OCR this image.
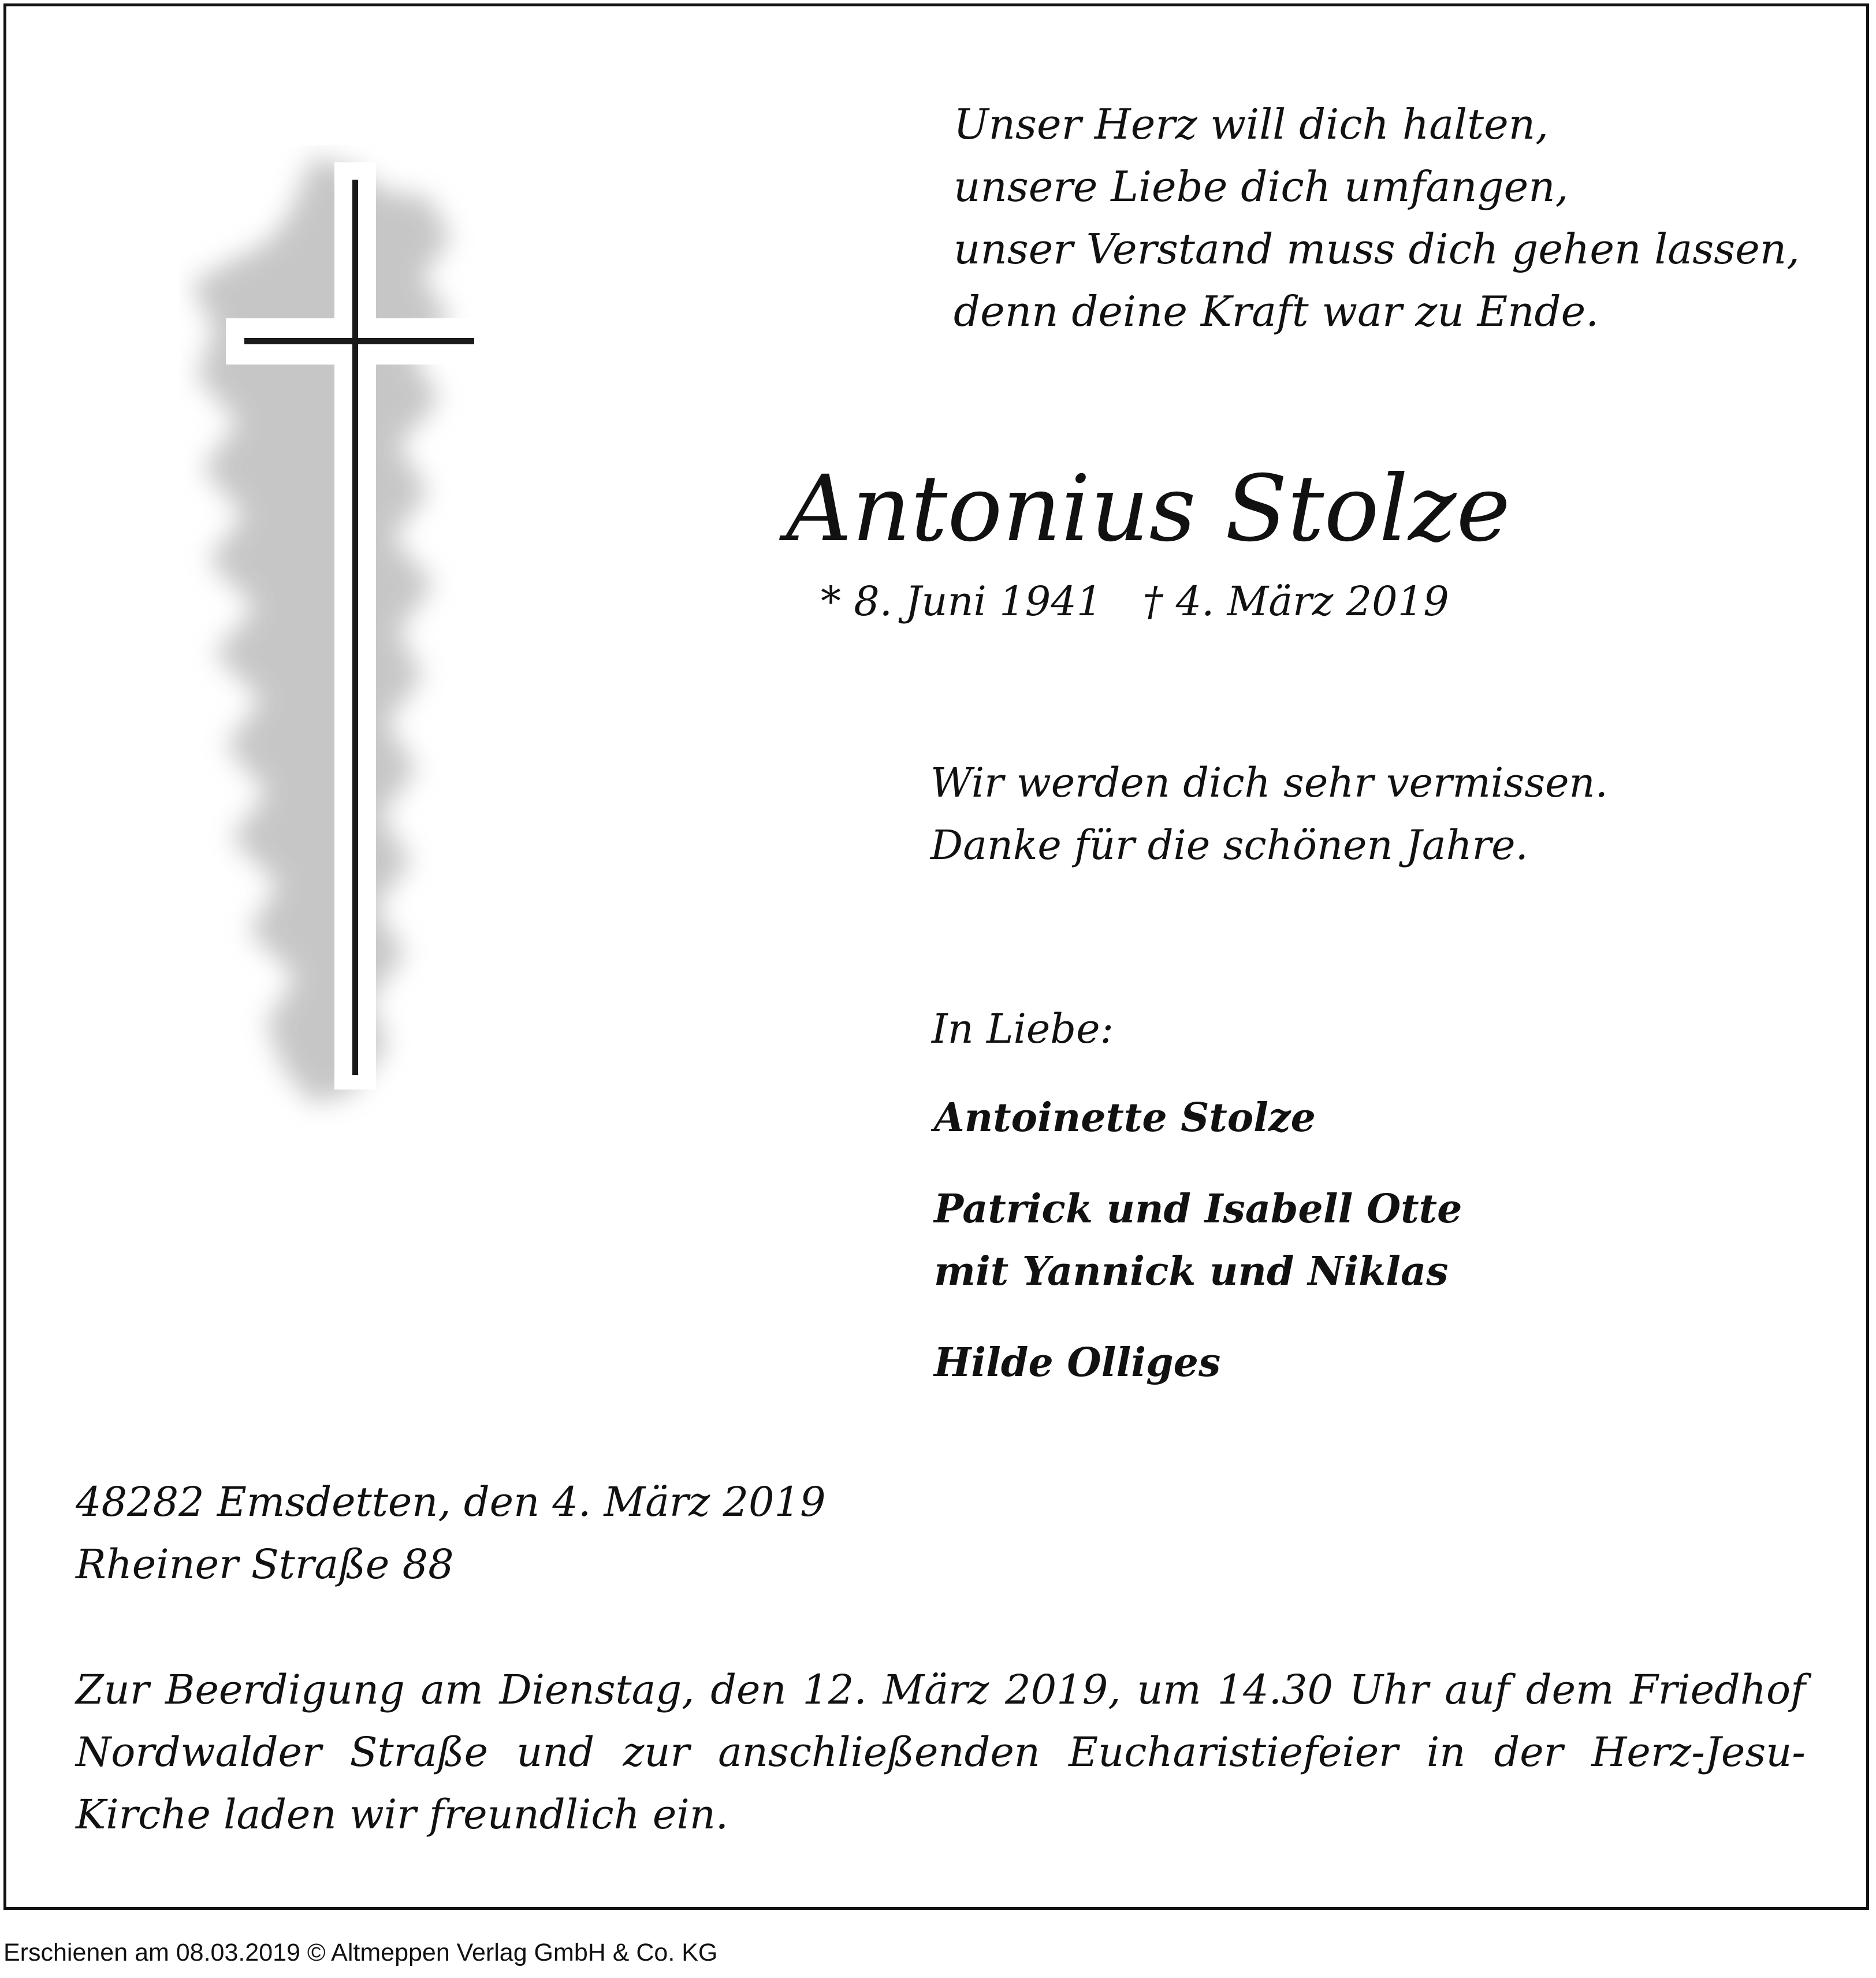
Unser Herz will dich halten,
unsere Liebe dich umfangen,
unser Verstand muss dich gehen lassen,
denn deine Kraft war zu Ende.
Antonius Stolze
* 8. Juni 1941 † 4. März 2019
Wir werden dich sehr vermissen.
Danke für die schönen Jahre.
In Liebe:
Antoinette Stolze
Patrick und Isabell Otte
mit Yannick und Niklas
Hilde Olliges
48282 Emsdetten, den 4. März 2019
Rheiner Straße 88
Zur Beerdigung am Dienstag, den 12. März 2019, um 14.30 Uhr auf dem Friedhof
Nordwalder Straße und zur anschließenden Eucharistiefeier in der Herz-Jesu-
Kirche laden wir freundlich ein.
Erschienen am 08.03.2019 © Altmeppen Verlag GmbH & Co. KG
